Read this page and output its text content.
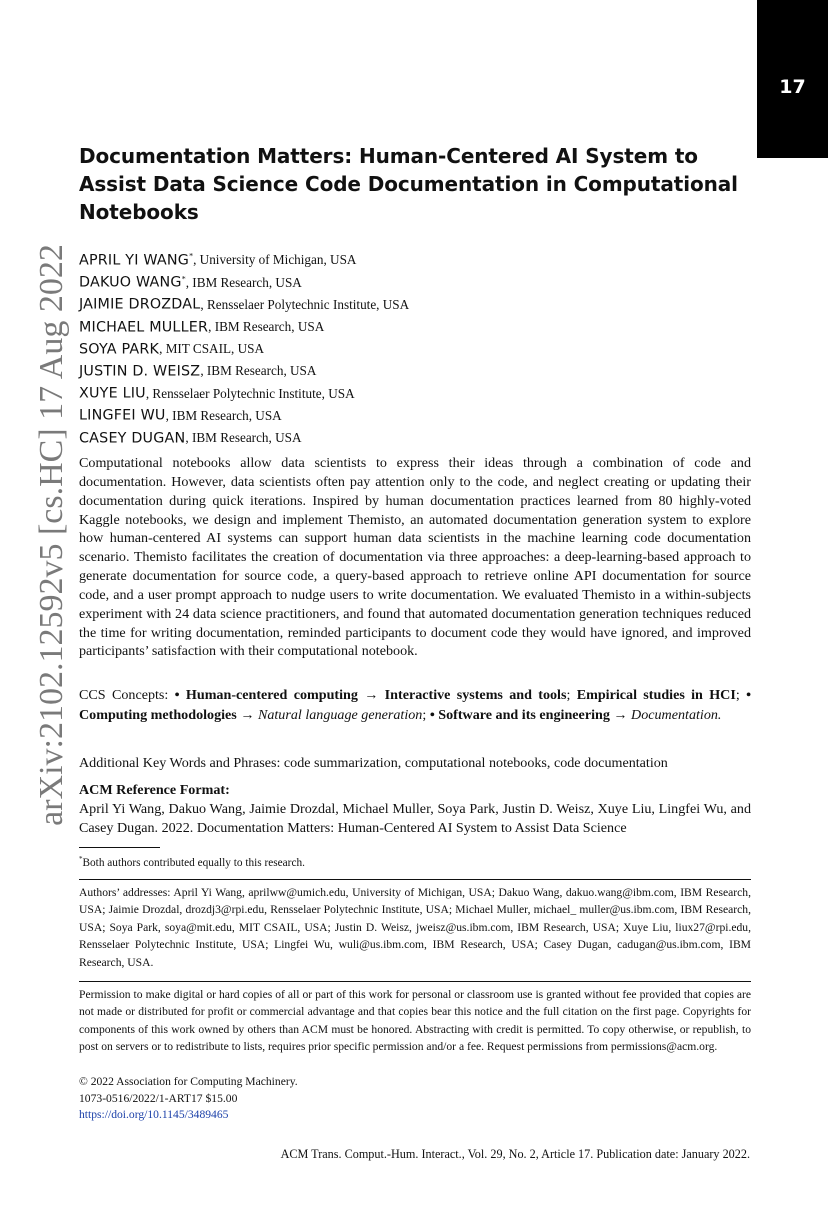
17
arXiv:2102.12592v5 [cs.HC] 17 Aug 2022
Documentation Matters: Human-Centered AI System to Assist Data Science Code Documentation in Computational Notebooks
APRIL YI WANG*, University of Michigan, USA
DAKUO WANG*, IBM Research, USA
JAIMIE DROZDAL, Rensselaer Polytechnic Institute, USA
MICHAEL MULLER, IBM Research, USA
SOYA PARK, MIT CSAIL, USA
JUSTIN D. WEISZ, IBM Research, USA
XUYE LIU, Rensselaer Polytechnic Institute, USA
LINGFEI WU, IBM Research, USA
CASEY DUGAN, IBM Research, USA

Computational notebooks allow data scientists to express their ideas through a combination of code and documentation. However, data scientists often pay attention only to the code, and neglect creating or updating their documentation during quick iterations. Inspired by human documentation practices learned from 80 highly-voted Kaggle notebooks, we design and implement Themisto, an automated documentation generation system to explore how human-centered AI systems can support human data scientists in the machine learning code documentation scenario. Themisto facilitates the creation of documentation via three approaches: a deep-learning-based approach to generate documentation for source code, a query-based approach to retrieve online API documentation for source code, and a user prompt approach to nudge users to write documentation. We evaluated Themisto in a within-subjects experiment with 24 data science practitioners, and found that automated documentation generation techniques reduced the time for writing documentation, reminded participants to document code they would have ignored, and improved participants’ satisfaction with their computational notebook.

CCS Concepts: • Human-centered computing → Interactive systems and tools; Empirical studies in HCI; • Computing methodologies → Natural language generation; • Software and its engineering → Documentation.

Additional Key Words and Phrases: code summarization, computational notebooks, code documentation

ACM Reference Format:

April Yi Wang, Dakuo Wang, Jaimie Drozdal, Michael Muller, Soya Park, Justin D. Weisz, Xuye Liu, Lingfei Wu, and Casey Dugan. 2022. Documentation Matters: Human-Centered AI System to Assist Data Science

*Both authors contributed equally to this research.

Authors’ addresses: April Yi Wang, aprilww@umich.edu, University of Michigan, USA; Dakuo Wang, dakuo.wang@ibm.com, IBM Research, USA; Jaimie Drozdal, drozdj3@rpi.edu, Rensselaer Polytechnic Institute, USA; Michael Muller, michael_ muller@us.ibm.com, IBM Research, USA; Soya Park, soya@mit.edu, MIT CSAIL, USA; Justin D. Weisz, jweisz@us.ibm.com, IBM Research, USA; Xuye Liu, liux27@rpi.edu, Rensselaer Polytechnic Institute, USA; Lingfei Wu, wuli@us.ibm.com, IBM Research, USA; Casey Dugan, cadugan@us.ibm.com, IBM Research, USA.

Permission to make digital or hard copies of all or part of this work for personal or classroom use is granted without fee provided that copies are not made or distributed for profit or commercial advantage and that copies bear this notice and the full citation on the first page. Copyrights for components of this work owned by others than ACM must be honored. Abstracting with credit is permitted. To copy otherwise, or republish, to post on servers or to redistribute to lists, requires prior specific permission and/or a fee. Request permissions from permissions@acm.org.

© 2022 Association for Computing Machinery.

1073-0516/2022/1-ART17 $15.00

https://doi.org/10.1145/3489465

ACM Trans. Comput.-Hum. Interact., Vol. 29, No. 2, Article 17. Publication date: January 2022.
